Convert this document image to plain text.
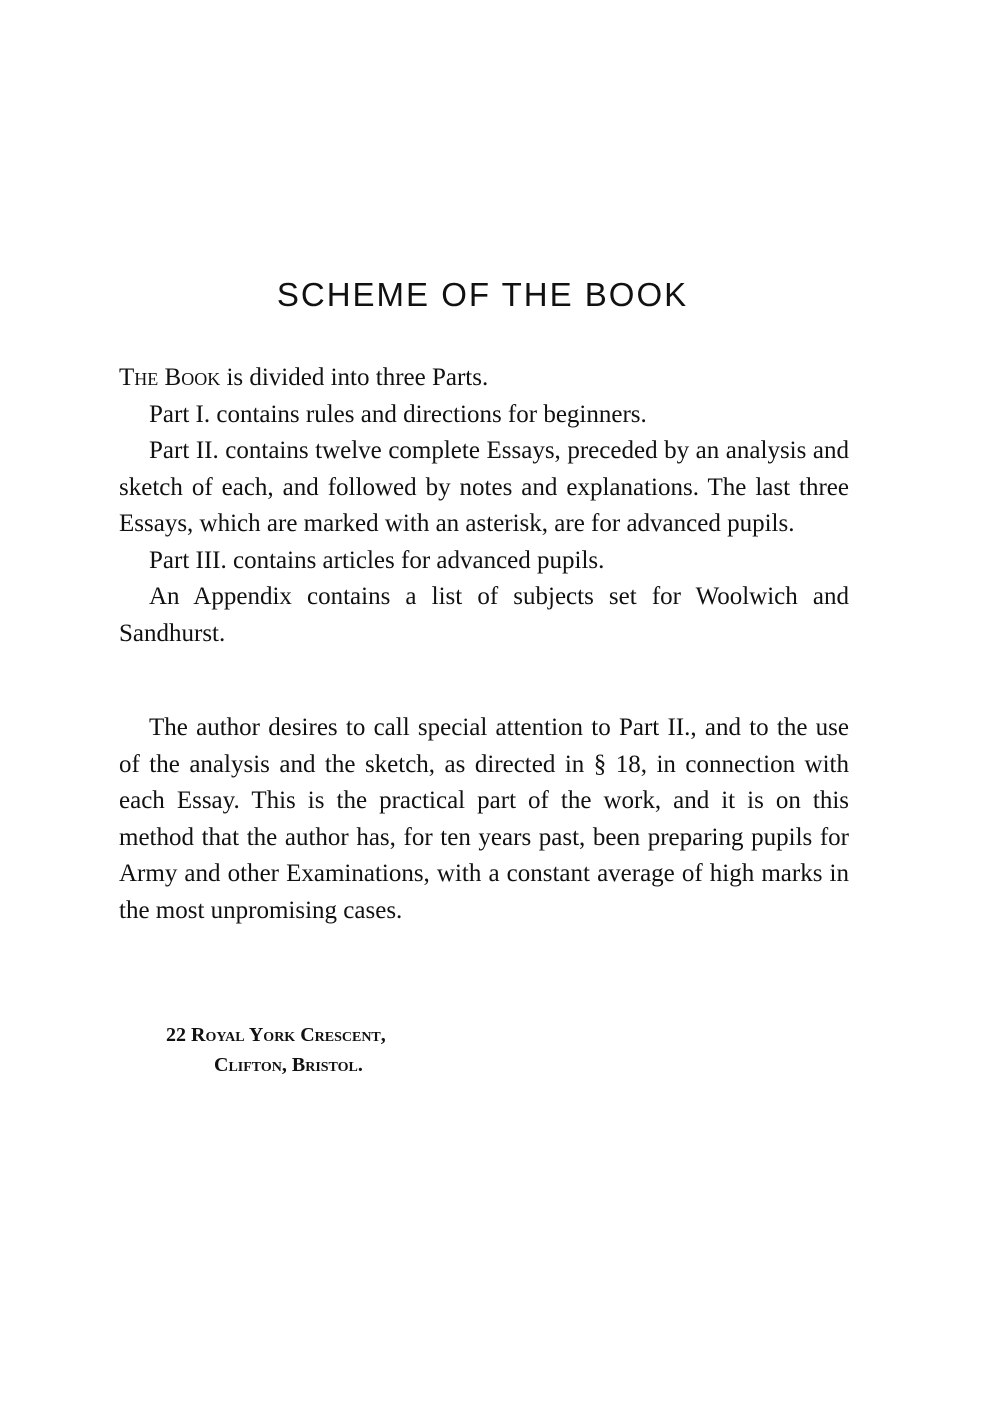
SCHEME OF THE BOOK

The Book is divided into three Parts.

Part I. contains rules and directions for beginners.

Part II. contains twelve complete Essays, preceded by an analysis and sketch of each, and followed by notes and explanations. The last three Essays, which are marked with an asterisk, are for advanced pupils.

Part III. contains articles for advanced pupils.

An Appendix contains a list of subjects set for Woolwich and Sandhurst.

The author desires to call special attention to Part II., and to the use of the analysis and the sketch, as directed in § 18, in connection with each Essay. This is the practical part of the work, and it is on this method that the author has, for ten years past, been preparing pupils for Army and other Examinations, with a constant average of high marks in the most unpromising cases.

22 Royal York Crescent,
Clifton, Bristol.
